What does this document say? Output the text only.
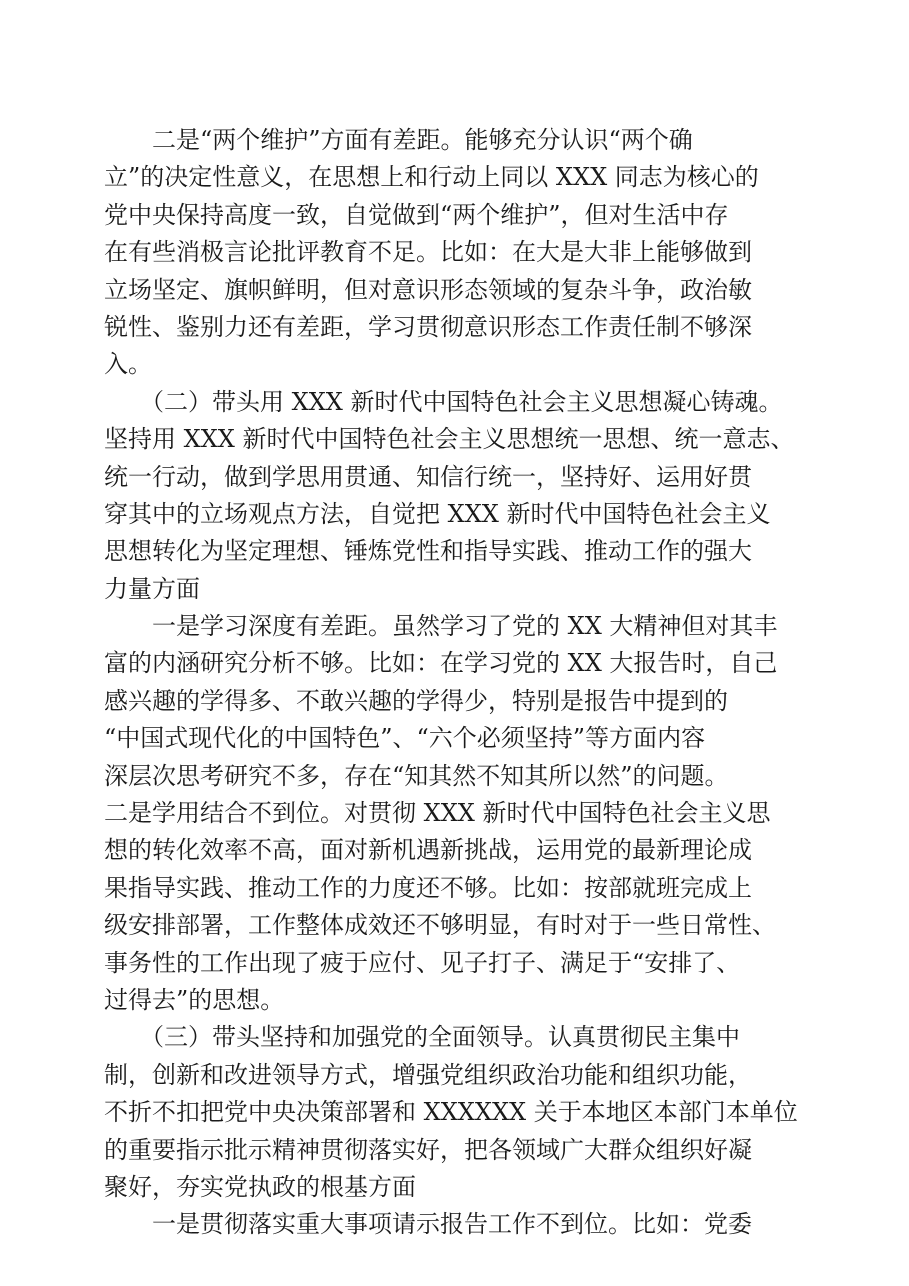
　　二是“两个维护”方面有差距。能够充分认识“两个确
立”的决定性意义，在思想上和行动上同以 XXX 同志为核心的
党中央保持高度一致，自觉做到“两个维护”，但对生活中存
在有些消极言论批评教育不足。比如：在大是大非上能够做到
立场坚定、旗帜鲜明，但对意识形态领域的复杂斗争，政治敏
锐性、鉴别力还有差距，学习贯彻意识形态工作责任制不够深
入。
　　（二）带头用 XXX 新时代中国特色社会主义思想凝心铸魂。
坚持用 XXX 新时代中国特色社会主义思想统一思想、统一意志、
统一行动，做到学思用贯通、知信行统一，坚持好、运用好贯
穿其中的立场观点方法，自觉把 XXX 新时代中国特色社会主义
思想转化为坚定理想、锤炼党性和指导实践、推动工作的强大
力量方面
　　一是学习深度有差距。虽然学习了党的 XX 大精神但对其丰
富的内涵研究分析不够。比如：在学习党的 XX 大报告时，自己
感兴趣的学得多、不敢兴趣的学得少，特别是报告中提到的
“中国式现代化的中国特色”、“六个必须坚持”等方面内容
深层次思考研究不多，存在“知其然不知其所以然”的问题。
二是学用结合不到位。对贯彻 XXX 新时代中国特色社会主义思
想的转化效率不高，面对新机遇新挑战，运用党的最新理论成
果指导实践、推动工作的力度还不够。比如：按部就班完成上
级安排部署，工作整体成效还不够明显，有时对于一些日常性、
事务性的工作出现了疲于应付、见子打子、满足于“安排了、
过得去”的思想。
　　（三）带头坚持和加强党的全面领导。认真贯彻民主集中
制，创新和改进领导方式，增强党组织政治功能和组织功能，
不折不扣把党中央决策部署和 XXXXXX 关于本地区本部门本单位
的重要指示批示精神贯彻落实好，把各领域广大群众组织好凝
聚好，夯实党执政的根基方面
　　一是贯彻落实重大事项请示报告工作不到位。比如：党委
